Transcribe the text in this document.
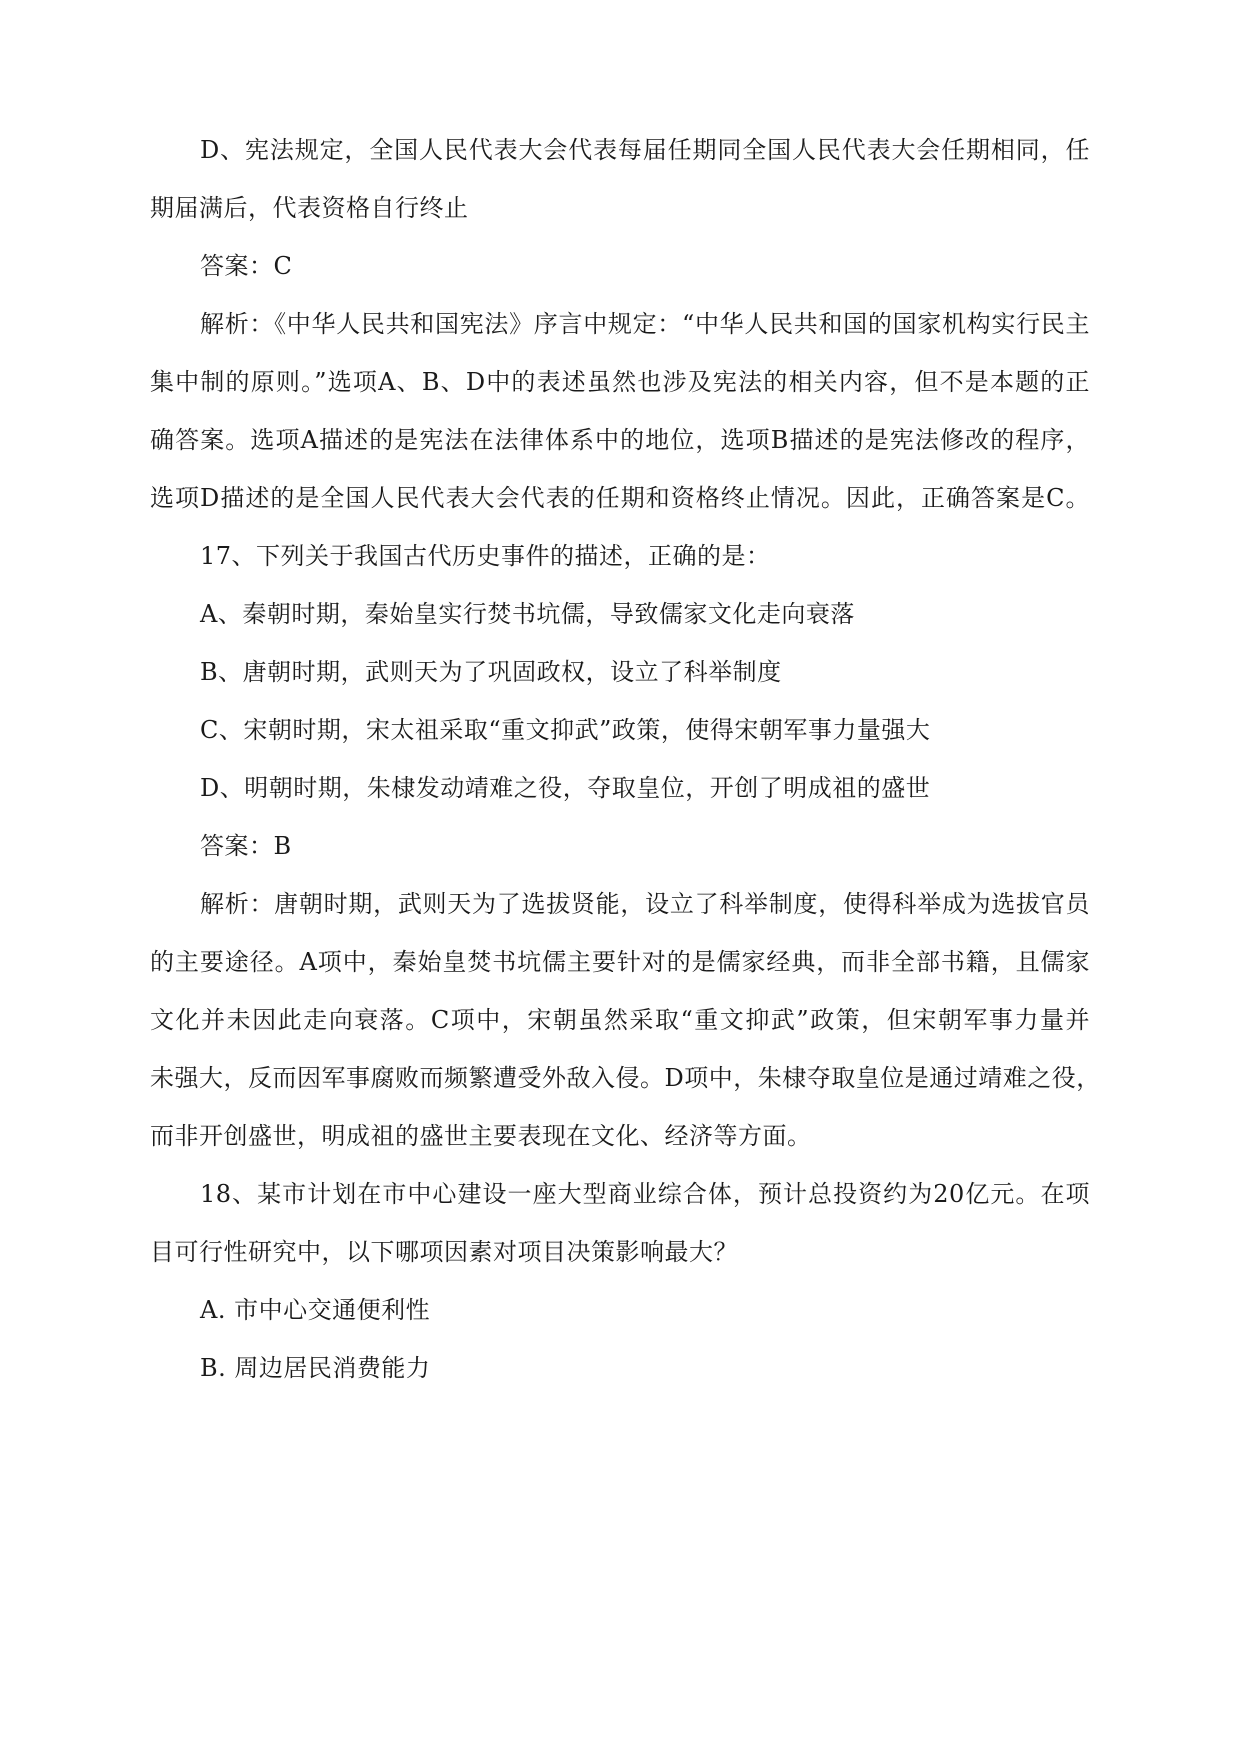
D、宪法规定，全国人民代表大会代表每届任期同全国人民代表大会任期相同，任
期届满后，代表资格自行终止
答案：C
解析：《中华人民共和国宪法》序言中规定：“中华人民共和国的国家机构实行民主
集中制的原则。”选项A、B、D中的表述虽然也涉及宪法的相关内容，但不是本题的正
确答案。选项A描述的是宪法在法律体系中的地位，选项B描述的是宪法修改的程序，
选项D描述的是全国人民代表大会代表的任期和资格终止情况。因此，正确答案是C。
17、下列关于我国古代历史事件的描述，正确的是：
A、秦朝时期，秦始皇实行焚书坑儒，导致儒家文化走向衰落
B、唐朝时期，武则天为了巩固政权，设立了科举制度
C、宋朝时期，宋太祖采取“重文抑武”政策，使得宋朝军事力量强大
D、明朝时期，朱棣发动靖难之役，夺取皇位，开创了明成祖的盛世
答案：B
解析：唐朝时期，武则天为了选拔贤能，设立了科举制度，使得科举成为选拔官员
的主要途径。A项中，秦始皇焚书坑儒主要针对的是儒家经典，而非全部书籍，且儒家
文化并未因此走向衰落。C项中，宋朝虽然采取“重文抑武”政策，但宋朝军事力量并
未强大，反而因军事腐败而频繁遭受外敌入侵。D项中，朱棣夺取皇位是通过靖难之役，
而非开创盛世，明成祖的盛世主要表现在文化、经济等方面。
18、某市计划在市中心建设一座大型商业综合体，预计总投资约为20亿元。在项
目可行性研究中，以下哪项因素对项目决策影响最大？
A. 市中心交通便利性
B. 周边居民消费能力
